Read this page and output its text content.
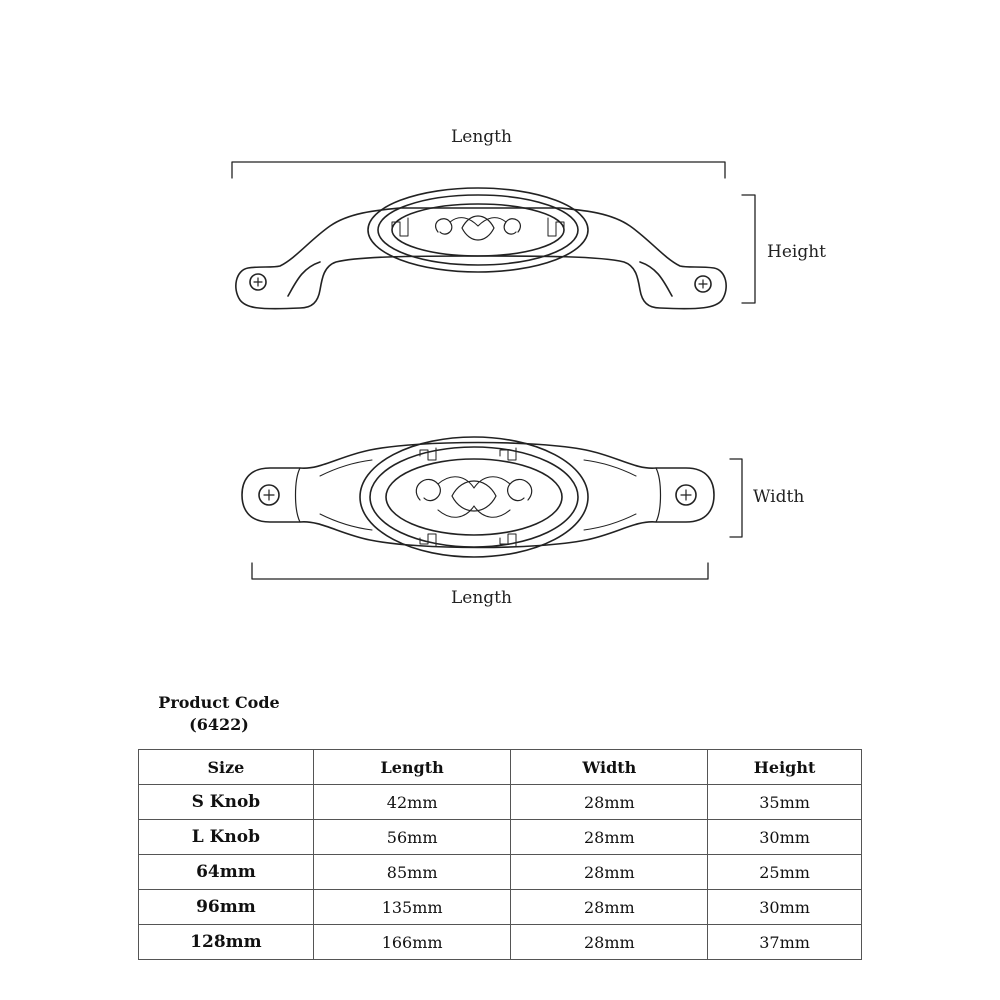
Length
Height
Width
Length
Product Code
(6422)
Size	Length	Width	Height
S Knob	42mm	28mm	35mm
L Knob	56mm	28mm	30mm
64mm	85mm	28mm	25mm
96mm	135mm	28mm	30mm
128mm	166mm	28mm	37mm
